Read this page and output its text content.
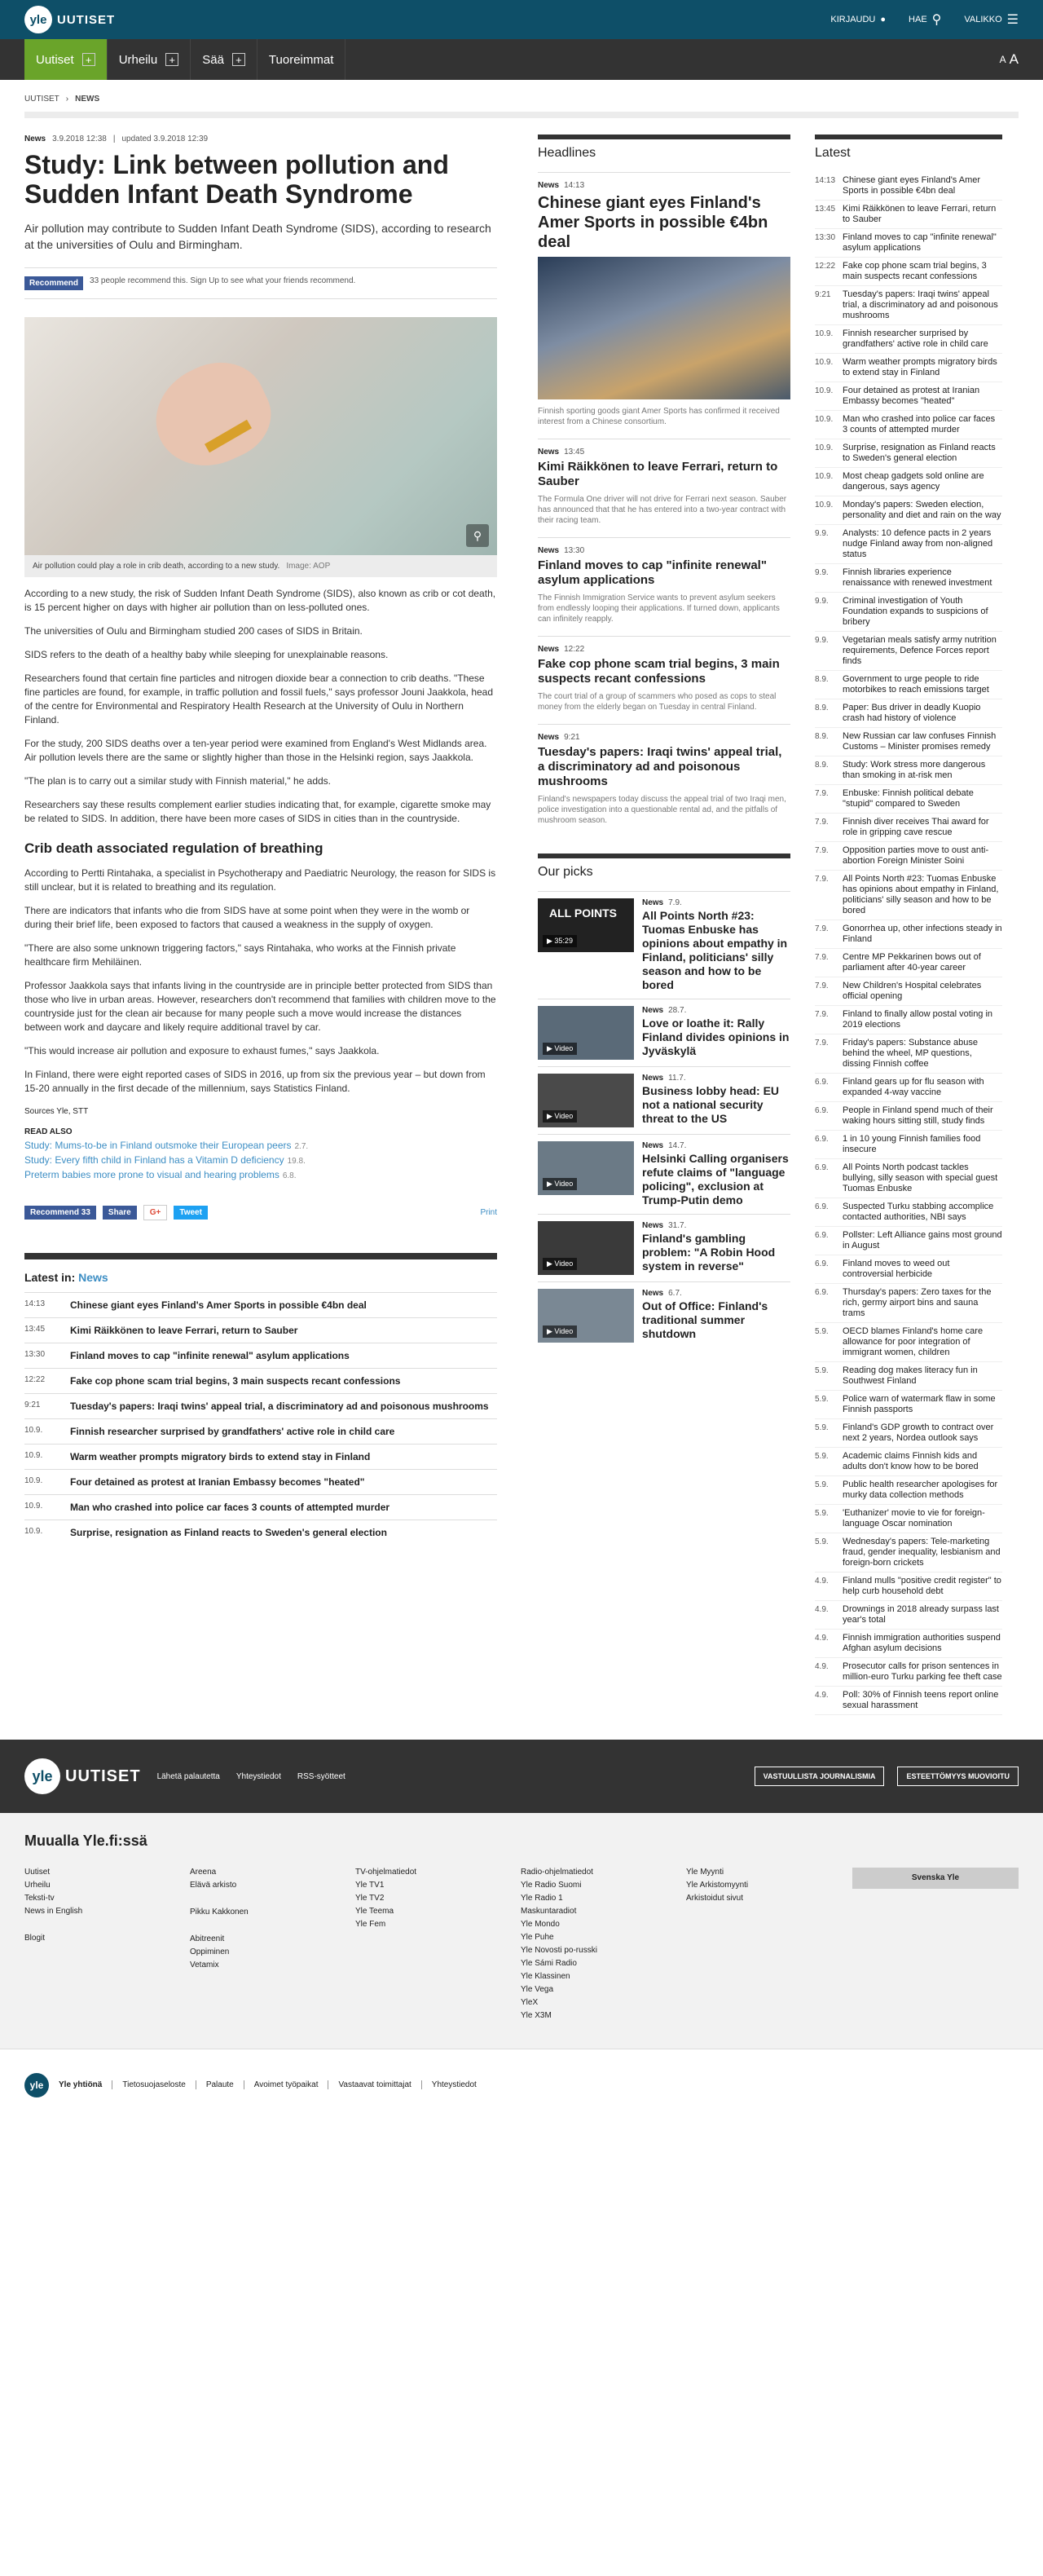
yle UUTISET	KIRJAUDU ●	HAE ⚲	VALIKKO ☰
Uutiset	+ Urheilu	+ Sää	+ Tuoreimmat	A A
UUTISET › NEWS
News 3.9.2018 12:38 | updated 3.9.2018 12:39
Study: Link between pollution and Sudden Infant Death Syndrome

Air pollution may contribute to Sudden Infant Death Syndrome (SIDS), according to research at the universities of Oulu and Birmingham.

Recommend	33 people recommend this. Sign Up to see what your friends recommend.
⚲
Air pollution could play a role in crib death, according to a new study. Image: AOP

According to a new study, the risk of Sudden Infant Death Syndrome (SIDS), also known as crib or cot death, is 15 percent higher on days with higher air pollution than on less-polluted ones.

The universities of Oulu and Birmingham studied 200 cases of SIDS in Britain.

SIDS refers to the death of a healthy baby while sleeping for unexplainable reasons.

Researchers found that certain fine particles and nitrogen dioxide bear a connection to crib deaths. "These fine particles are found, for example, in traffic pollution and fossil fuels," says professor Jouni Jaakkola, head of the centre for Environmental and Respiratory Health Research at the University of Oulu in Northern Finland.

For the study, 200 SIDS deaths over a ten-year period were examined from England's West Midlands area. Air pollution levels there are the same or slightly higher than those in the Helsinki region, says Jaakkola.

"The plan is to carry out a similar study with Finnish material," he adds.

Researchers say these results complement earlier studies indicating that, for example, cigarette smoke may be related to SIDS. In addition, there have been more cases of SIDS in cities than in the countryside.

Crib death associated regulation of breathing

According to Pertti Rintahaka, a specialist in Psychotherapy and Paediatric Neurology, the reason for SIDS is still unclear, but it is related to breathing and its regulation.

There are indicators that infants who die from SIDS have at some point when they were in the womb or during their brief life, been exposed to factors that caused a weakness in the supply of oxygen.

"There are also some unknown triggering factors," says Rintahaka, who works at the Finnish private healthcare firm Mehiläinen.

Professor Jaakkola says that infants living in the countryside are in principle better protected from SIDS than those who live in urban areas. However, researchers don't recommend that families with children move to the countryside just for the clean air because for many people such a move would increase the distances between work and daycare and likely require additional travel by car.

"This would increase air pollution and exposure to exhaust fumes," says Jaakkola.

In Finland, there were eight reported cases of SIDS in 2016, up from six the previous year – but down from 15-20 annually in the first decade of the millennium, says Statistics Finland.

Sources Yle, STT
READ ALSO
Study: Mums-to-be in Finland outsmoke their European peers 2.7.
Study: Every fifth child in Finland has a Vitamin D deficiency 19.8.
Preterm babies more prone to visual and hearing problems 6.8.
Recommend 33	Share	G+	Tweet	Print
Latest in: News
14:13	Chinese giant eyes Finland's Amer Sports in possible €4bn deal
13:45	Kimi Räikkönen to leave Ferrari, return to Sauber
13:30	Finland moves to cap "infinite renewal" asylum applications
12:22	Fake cop phone scam trial begins, 3 main suspects recant confessions
9:21	Tuesday's papers: Iraqi twins' appeal trial, a discriminatory ad and poisonous mushrooms
10.9.	Finnish researcher surprised by grandfathers' active role in child care
10.9.	Warm weather prompts migratory birds to extend stay in Finland
10.9.	Four detained as protest at Iranian Embassy becomes "heated"
10.9.	Man who crashed into police car faces 3 counts of attempted murder
10.9.	Surprise, resignation as Finland reacts to Sweden's general election
Headlines
News 14:13
Chinese giant eyes Finland's Amer Sports in possible €4bn deal

Finnish sporting goods giant Amer Sports has confirmed it received interest from a Chinese consortium.

News 13:45
Kimi Räikkönen to leave Ferrari, return to Sauber

The Formula One driver will not drive for Ferrari next season. Sauber has announced that that he has entered into a two-year contract with their racing team.

News 13:30
Finland moves to cap "infinite renewal" asylum applications

The Finnish Immigration Service wants to prevent asylum seekers from endlessly looping their applications. If turned down, applicants can infinitely reapply.

News 12:22
Fake cop phone scam trial begins, 3 main suspects recant confessions

The court trial of a group of scammers who posed as cops to steal money from the elderly began on Tuesday in central Finland.

News 9:21
Tuesday's papers: Iraqi twins' appeal trial, a discriminatory ad and poisonous mushrooms

Finland's newspapers today discuss the appeal trial of two Iraqi men, police investigation into a questionable rental ad, and the pitfalls of mushroom season.

Our picks
ALL POINTS
▶ 35:29
News 7.9.
All Points North #23: Tuomas Enbuske has opinions about empathy in Finland, politicians' silly season and how to be bored
▶ Video
News 28.7.
Love or loathe it: Rally Finland divides opinions in Jyväskylä
▶ Video
News 11.7.
Business lobby head: EU not a national security threat to the US
▶ Video
News 14.7.
Helsinki Calling organisers refute claims of "language policing", exclusion at Trump-Putin demo
▶ Video
News 31.7.
Finland's gambling problem: "A Robin Hood system in reverse"
▶ Video
News 6.7.
Out of Office: Finland's traditional summer shutdown
Latest
14:13 Chinese giant eyes Finland's Amer Sports in possible €4bn deal
13:45 Kimi Räikkönen to leave Ferrari, return to Sauber
13:30 Finland moves to cap "infinite renewal" asylum applications
12:22 Fake cop phone scam trial begins, 3 main suspects recant confessions
9:21	Tuesday's papers: Iraqi twins' appeal trial, a discriminatory ad and poisonous mushrooms
10.9.	Finnish researcher surprised by grandfathers' active role in child care
10.9.	Warm weather prompts migratory birds to extend stay in Finland
10.9.	Four detained as protest at Iranian Embassy becomes "heated"
10.9.	Man who crashed into police car faces 3 counts of attempted murder
10.9.	Surprise, resignation as Finland reacts to Sweden's general election
10.9.	Most cheap gadgets sold online are dangerous, says agency
10.9.	Monday's papers: Sweden election, personality and diet and rain on the way
9.9.	Analysts: 10 defence pacts in 2 years nudge Finland away from non-aligned status
9.9.	Finnish libraries experience renaissance with renewed investment
9.9.	Criminal investigation of Youth Foundation expands to suspicions of bribery
9.9.	Vegetarian meals satisfy army nutrition requirements, Defence Forces report finds
8.9.	Government to urge people to ride motorbikes to reach emissions target
8.9.	Paper: Bus driver in deadly Kuopio crash had history of violence
8.9.	New Russian car law confuses Finnish Customs – Minister promises remedy
8.9.	Study: Work stress more dangerous than smoking in at-risk men
7.9.	Enbuske: Finnish political debate "stupid" compared to Sweden
7.9.	Finnish diver receives Thai award for role in gripping cave rescue
7.9.	Opposition parties move to oust anti-abortion Foreign Minister Soini
7.9.	All Points North #23: Tuomas Enbuske has opinions about empathy in Finland, politicians' silly season and how to be bored
7.9.	Gonorrhea up, other infections steady in Finland
7.9.	Centre MP Pekkarinen bows out of parliament after 40-year career
7.9.	New Children's Hospital celebrates official opening
7.9.	Finland to finally allow postal voting in 2019 elections
7.9.	Friday's papers: Substance abuse behind the wheel, MP questions, dissing Finnish coffee
6.9.	Finland gears up for flu season with expanded 4-way vaccine
6.9.	People in Finland spend much of their waking hours sitting still, study finds
6.9.	1 in 10 young Finnish families food insecure
6.9.	All Points North podcast tackles bullying, silly season with special guest Tuomas Enbuske
6.9.	Suspected Turku stabbing accomplice contacted authorities, NBI says
6.9.	Pollster: Left Alliance gains most ground in August
6.9.	Finland moves to weed out controversial herbicide
6.9.	Thursday's papers: Zero taxes for the rich, germy airport bins and sauna trams
5.9.	OECD blames Finland's home care allowance for poor integration of immigrant women, children
5.9.	Reading dog makes literacy fun in Southwest Finland
5.9.	Police warn of watermark flaw in some Finnish passports
5.9.	Finland's GDP growth to contract over next 2 years, Nordea outlook says
5.9.	Academic claims Finnish kids and adults don't know how to be bored
5.9.	Public health researcher apologises for murky data collection methods
5.9.	'Euthanizer' movie to vie for foreign-language Oscar nomination
5.9.	Wednesday's papers: Tele-marketing fraud, gender inequality, lesbianism and foreign-born crickets
4.9.	Finland mulls "positive credit register" to help curb household debt
4.9.	Drownings in 2018 already surpass last year's total
4.9.	Finnish immigration authorities suspend Afghan asylum decisions
4.9.	Prosecutor calls for prison sentences in million-euro Turku parking fee theft case
4.9.	Poll: 30% of Finnish teens report online sexual harassment
yle UUTISET Lähetä palautetta Yhteystiedot RSS-syötteet	VASTUULLISTA JOURNALISMIA	ESTEETTÖMYYS MUOVIOITU
Muualla Yle.fi:ssä
Uutiset
Urheilu
Teksti-tv
News in English
Blogit
Areena
Elävä arkisto
Pikku Kakkonen
Abitreenit
Oppiminen
Vetamix
TV-ohjelmatiedot
Yle TV1
Yle TV2
Yle Teema
Yle Fem
Radio-ohjelmatiedot
Yle Radio Suomi
Yle Radio 1
Maskuntaradiot
Yle Mondo
Yle Puhe
Yle Novosti po-russki
Yle Sámi Radio
Yle Klassinen
Yle Vega
YleX
Yle X3M
Yle Myynti
Yle Arkistomyynti
Arkistoidut sivut
Svenska Yle
yle	Yle yhtiönä	Tietosuojaseloste	Palaute	Avoimet työpaikat	Vastaavat toimittajat	Yhteystiedot
